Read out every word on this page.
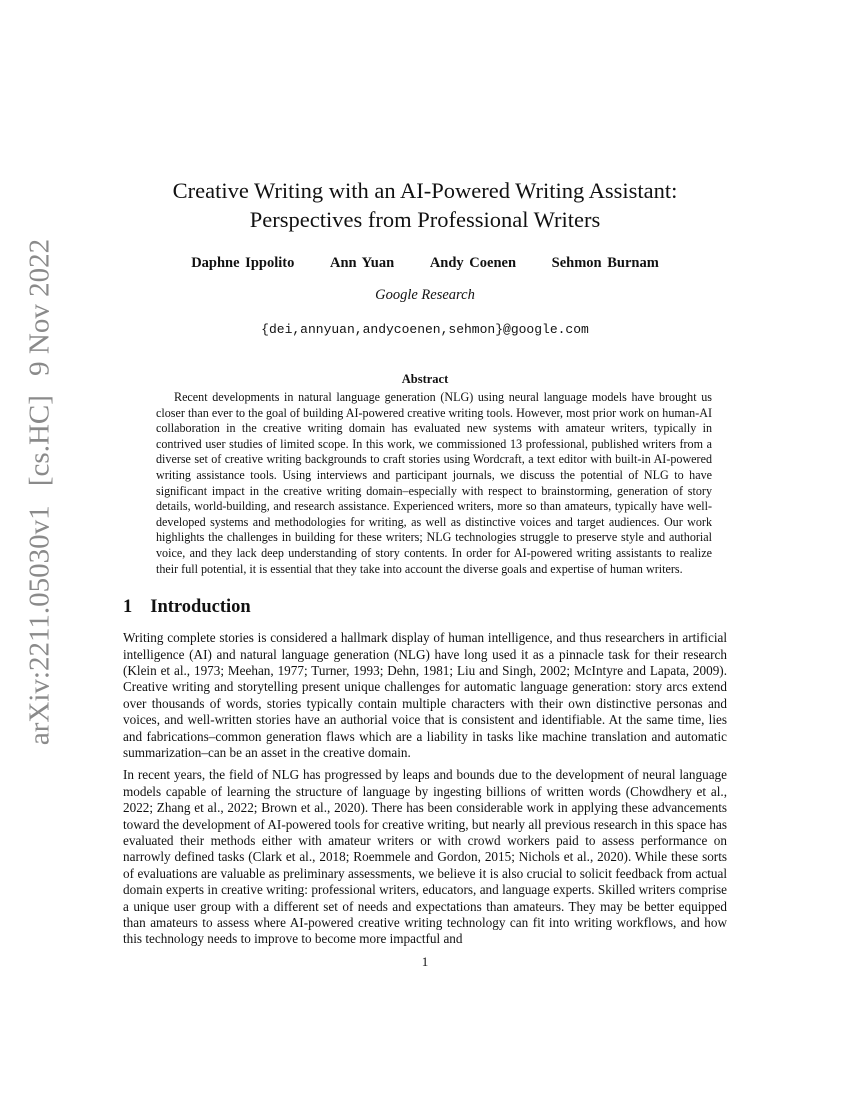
arXiv:2211.05030v1 [cs.HC] 9 Nov 2022
Creative Writing with an AI-Powered Writing Assistant:
Perspectives from Professional Writers
Daphne Ippolito Ann Yuan Andy Coenen Sehmon Burnam
Google Research
{dei,annyuan,andycoenen,sehmon}@google.com
Abstract
Recent developments in natural language generation (NLG) using neural language models have brought us closer than ever to the goal of building AI-powered creative writing tools. However, most prior work on human-AI collaboration in the creative writing domain has evaluated new systems with amateur writers, typically in contrived user studies of limited scope. In this work, we commissioned 13 professional, published writers from a diverse set of creative writing backgrounds to craft stories using Wordcraft, a text editor with built-in AI-powered writing assistance tools. Using interviews and participant journals, we discuss the potential of NLG to have significant impact in the creative writing domain–especially with respect to brainstorming, generation of story details, world-building, and research assistance. Experienced writers, more so than amateurs, typically have well-developed systems and methodologies for writing, as well as distinctive voices and target audiences. Our work highlights the challenges in building for these writers; NLG technologies struggle to preserve style and authorial voice, and they lack deep understanding of story contents. In order for AI-powered writing assistants to realize their full potential, it is essential that they take into account the diverse goals and expertise of human writers.
1 Introduction

Writing complete stories is considered a hallmark display of human intelligence, and thus researchers in artificial intelligence (AI) and natural language generation (NLG) have long used it as a pinnacle task for their research (Klein et al., 1973; Meehan, 1977; Turner, 1993; Dehn, 1981; Liu and Singh, 2002; McIntyre and Lapata, 2009). Creative writing and storytelling present unique challenges for automatic language generation: story arcs extend over thousands of words, stories typically contain multiple characters with their own distinctive personas and voices, and well-written stories have an authorial voice that is consistent and identifiable. At the same time, lies and fabrications–common generation flaws which are a liability in tasks like machine translation and automatic summarization–can be an asset in the creative domain.

In recent years, the field of NLG has progressed by leaps and bounds due to the development of neural language models capable of learning the structure of language by ingesting billions of written words (Chowdhery et al., 2022; Zhang et al., 2022; Brown et al., 2020). There has been considerable work in applying these advancements toward the development of AI-powered tools for creative writing, but nearly all previous research in this space has evaluated their methods either with amateur writers or with crowd workers paid to assess performance on narrowly defined tasks (Clark et al., 2018; Roemmele and Gordon, 2015; Nichols et al., 2020). While these sorts of evaluations are valuable as preliminary assessments, we believe it is also crucial to solicit feedback from actual domain experts in creative writing: professional writers, educators, and language experts. Skilled writers comprise a unique user group with a different set of needs and expectations than amateurs. They may be better equipped than amateurs to assess where AI-powered creative writing technology can fit into writing workflows, and how this technology needs to improve to become more impactful and

1
